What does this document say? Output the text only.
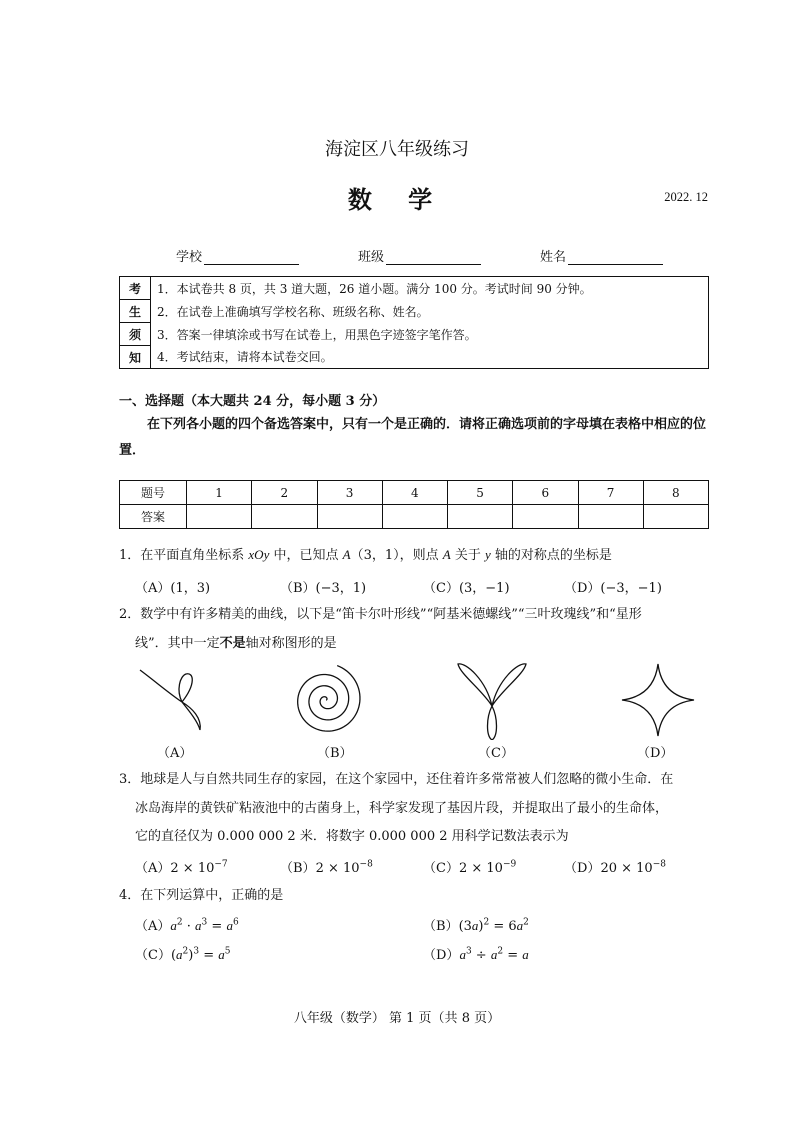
海淀区八年级练习
数 学	2022. 12
学校	班级	姓名
考	1．本试卷共 8 页，共 3 道大题，26 道小题。满分 100 分。考试时间 90 分钟。
生	2．在试卷上准确填写学校名称、班级名称、姓名。
须	3．答案一律填涂或书写在试卷上，用黑色字迹签字笔作答。
知	4．考试结束，请将本试卷交回。
一、选择题（本大题共 24 分，每小题 3 分）
在下列各小题的四个备选答案中，只有一个是正确的．请将正确选项前的字母填在表格中相应的位置．
题号	1	2	3	4	5	6	7	8
答案								
1．在平面直角坐标系 xOy 中，已知点 A（3，1），则点 A 关于 y 轴的对称点的坐标是
（A）(1，3)	（B）(−3，1)	（C）(3，−1)	（D）(−3，−1)
2．数学中有许多精美的曲线，以下是“笛卡尔叶形线”“阿基米德螺线”“三叶玫瑰线”和“星形
线”．其中一定不是轴对称图形的是
（A）	（B）	（C）	（D）
3．地球是人与自然共同生存的家园，在这个家园中，还住着许多常常被人们忽略的微小生命．在
冰岛海岸的黄铁矿粘液池中的古菌身上，科学家发现了基因片段，并提取出了最小的生命体，
它的直径仅为 0.000 000 2 米．将数字 0.000 000 2 用科学记数法表示为
$(A)2 \times 10^{-7}$	$(B)2 \times 10^{-8}$	$(C)2 \times 10^{-9}$	$(D)20 \times 10^{-8}$
4．在下列运算中，正确的是
$(A)a^2 \cdot a^3 = a^6$	$(B)(3a)^2 = 6a^2$
$(C)(a^2)^3 = a^5$	$(D)a^3 \div a^2 = a$
八年级（数学） 第 1 页（共 8 页）
